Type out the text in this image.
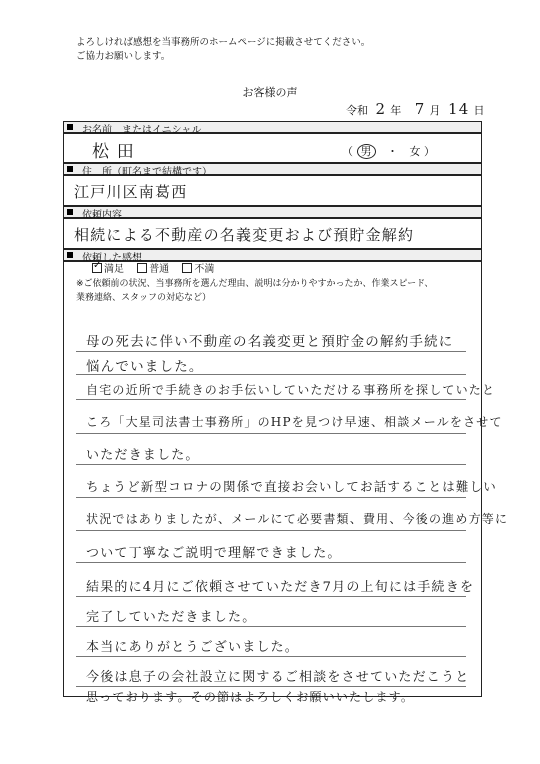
よろしければ感想を当事務所のホームページに掲載させてください。
ご協力お願いします。
お客様の声
令和 2 年 7 月 14 日
お名前　またはイニシャル
松 田	（ 男 ・ 女 ）
住　所（町名まで結構です）
江戸川区南葛西
依頼内容
相続による不動産の名義変更および預貯金解約
依頼した感想
✓満足	普通	不満
※ご依頼前の状況、当事務所を選んだ理由、説明は分かりやすかったか、作業スピード、
業務連絡、スタッフの対応など）
母の死去に伴い不動産の名義変更と預貯金の解約手続に
悩んでいました。
自宅の近所で手続きのお手伝いしていただける事務所を探していたと
ころ「大星司法書士事務所」のHPを見つけ早速、相談メールをさせて
いただきました。
ちょうど新型コロナの関係で直接お会いしてお話することは難しい
状況ではありましたが、メールにて必要書類、費用、今後の進め方等に
ついて丁寧なご説明で理解できました。
結果的に4月にご依頼させていただき7月の上旬には手続きを
完了していただきました。
本当にありがとうございました。
今後は息子の会社設立に関するご相談をさせていただこうと
思っております。その節はよろしくお願いいたします。
